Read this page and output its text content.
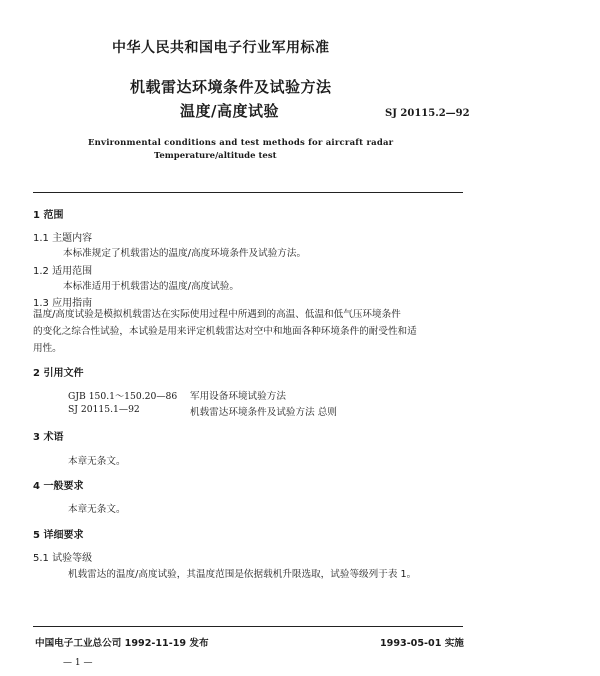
中华人民共和国电子行业军用标准
机载雷达环境条件及试验方法
温度/高度试验	SJ 20115.2—92
Environmental conditions and test methods for aircraft radar
Temperature/altitude test
1 范围
1.1 主题内容
本标准规定了机载雷达的温度/高度环境条件及试验方法。
1.2 适用范围
本标准适用于机载雷达的温度/高度试验。
1.3 应用指南
温度/高度试验是模拟机载雷达在实际使用过程中所遇到的高温、低温和低气压环境条件
的变化之综合性试验，本试验是用来评定机载雷达对空中和地面各种环境条件的耐受性和适
用性。
2 引用文件
GJB 150.1～150.20—86 军用设备环境试验方法
SJ 20115.1—92	机载雷达环境条件及试验方法 总则
3 术语
本章无条文。
4 一般要求
本章无条文。
5 详细要求
5.1 试验等级
机载雷达的温度/高度试验，其温度范围是依据载机升限选取，试验等级列于表 1。
中国电子工业总公司 1992-11-19 发布	1993-05-01 实施
— 1 —
